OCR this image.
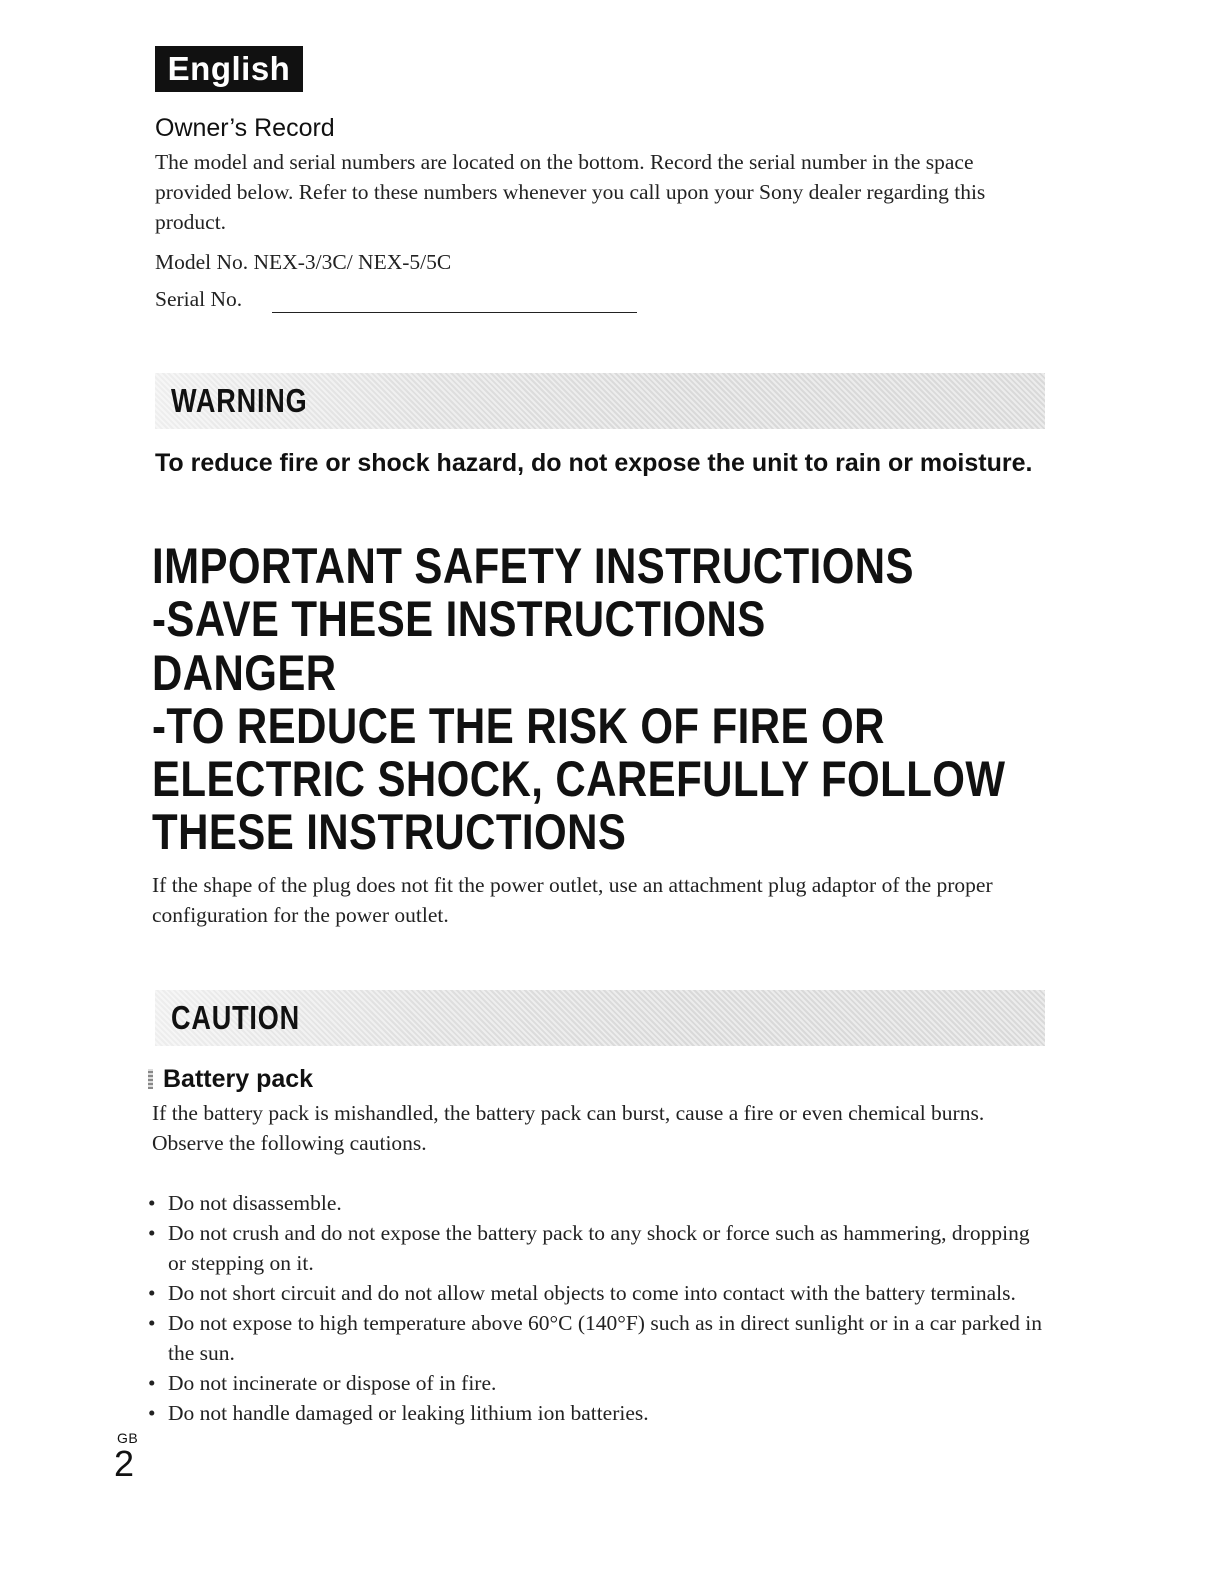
English
Owner’s Record
The model and serial numbers are located on the bottom. Record the serial number in the space provided below. Refer to these numbers whenever you call upon your Sony dealer regarding this product.
Model No. NEX-3/3C/ NEX-5/5C
Serial No.
WARNING
To reduce fire or shock hazard, do not expose the unit to rain or moisture.
IMPORTANT SAFETY INSTRUCTIONS
-SAVE THESE INSTRUCTIONS
DANGER
-TO REDUCE THE RISK OF FIRE OR
ELECTRIC SHOCK, CAREFULLY FOLLOW
THESE INSTRUCTIONS
If the shape of the plug does not fit the power outlet, use an attachment plug adaptor of the proper configuration for the power outlet.
CAUTION
Battery pack
If the battery pack is mishandled, the battery pack can burst, cause a fire or even chemical burns. Observe the following cautions.
• Do not disassemble.
• Do not crush and do not expose the battery pack to any shock or force such as hammering, dropping or stepping on it.
• Do not short circuit and do not allow metal objects to come into contact with the battery terminals.
• Do not expose to high temperature above 60°C (140°F) such as in direct sunlight or in a car parked in the sun.
• Do not incinerate or dispose of in fire.
• Do not handle damaged or leaking lithium ion batteries.
GB
2
